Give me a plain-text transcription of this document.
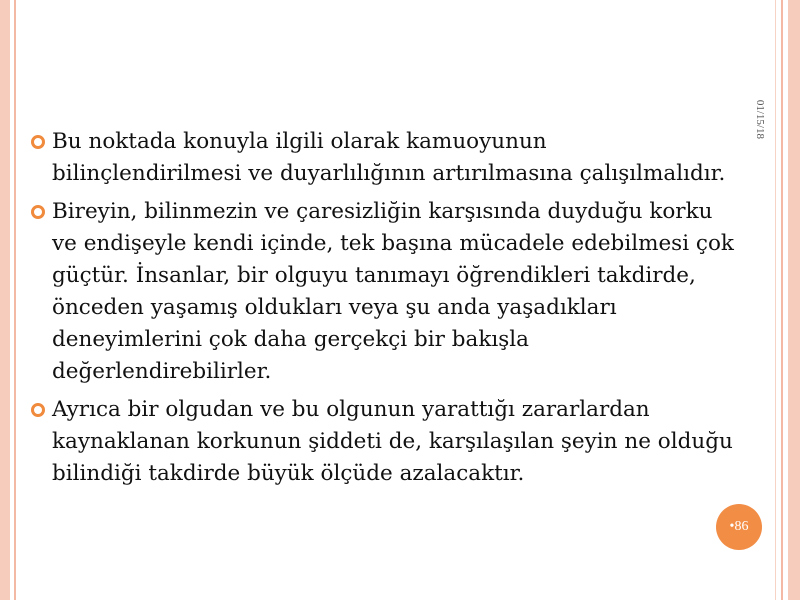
01/15/18
Bu noktada konuyla ilgili olarak kamuoyunun bilinçlendirilmesi ve duyarlılığının artırılmasına çalışılmalıdır.
Bireyin, bilinmezin ve çaresizliğin karşısında duyduğu korku ve endişeyle kendi içinde, tek başına mücadele edebilmesi çok güçtür. İnsanlar, bir olguyu tanımayı öğrendikleri takdirde, önceden yaşamış oldukları veya şu anda yaşadıkları deneyimlerini çok daha gerçekçi bir bakışla değerlendirebilirler.
Ayrıca bir olgudan ve bu olgunun yarattığı zararlardan kaynaklanan korkunun şiddeti de, karşılaşılan şeyin ne olduğu bilindiği takdirde büyük ölçüde azalacaktır.
•86
